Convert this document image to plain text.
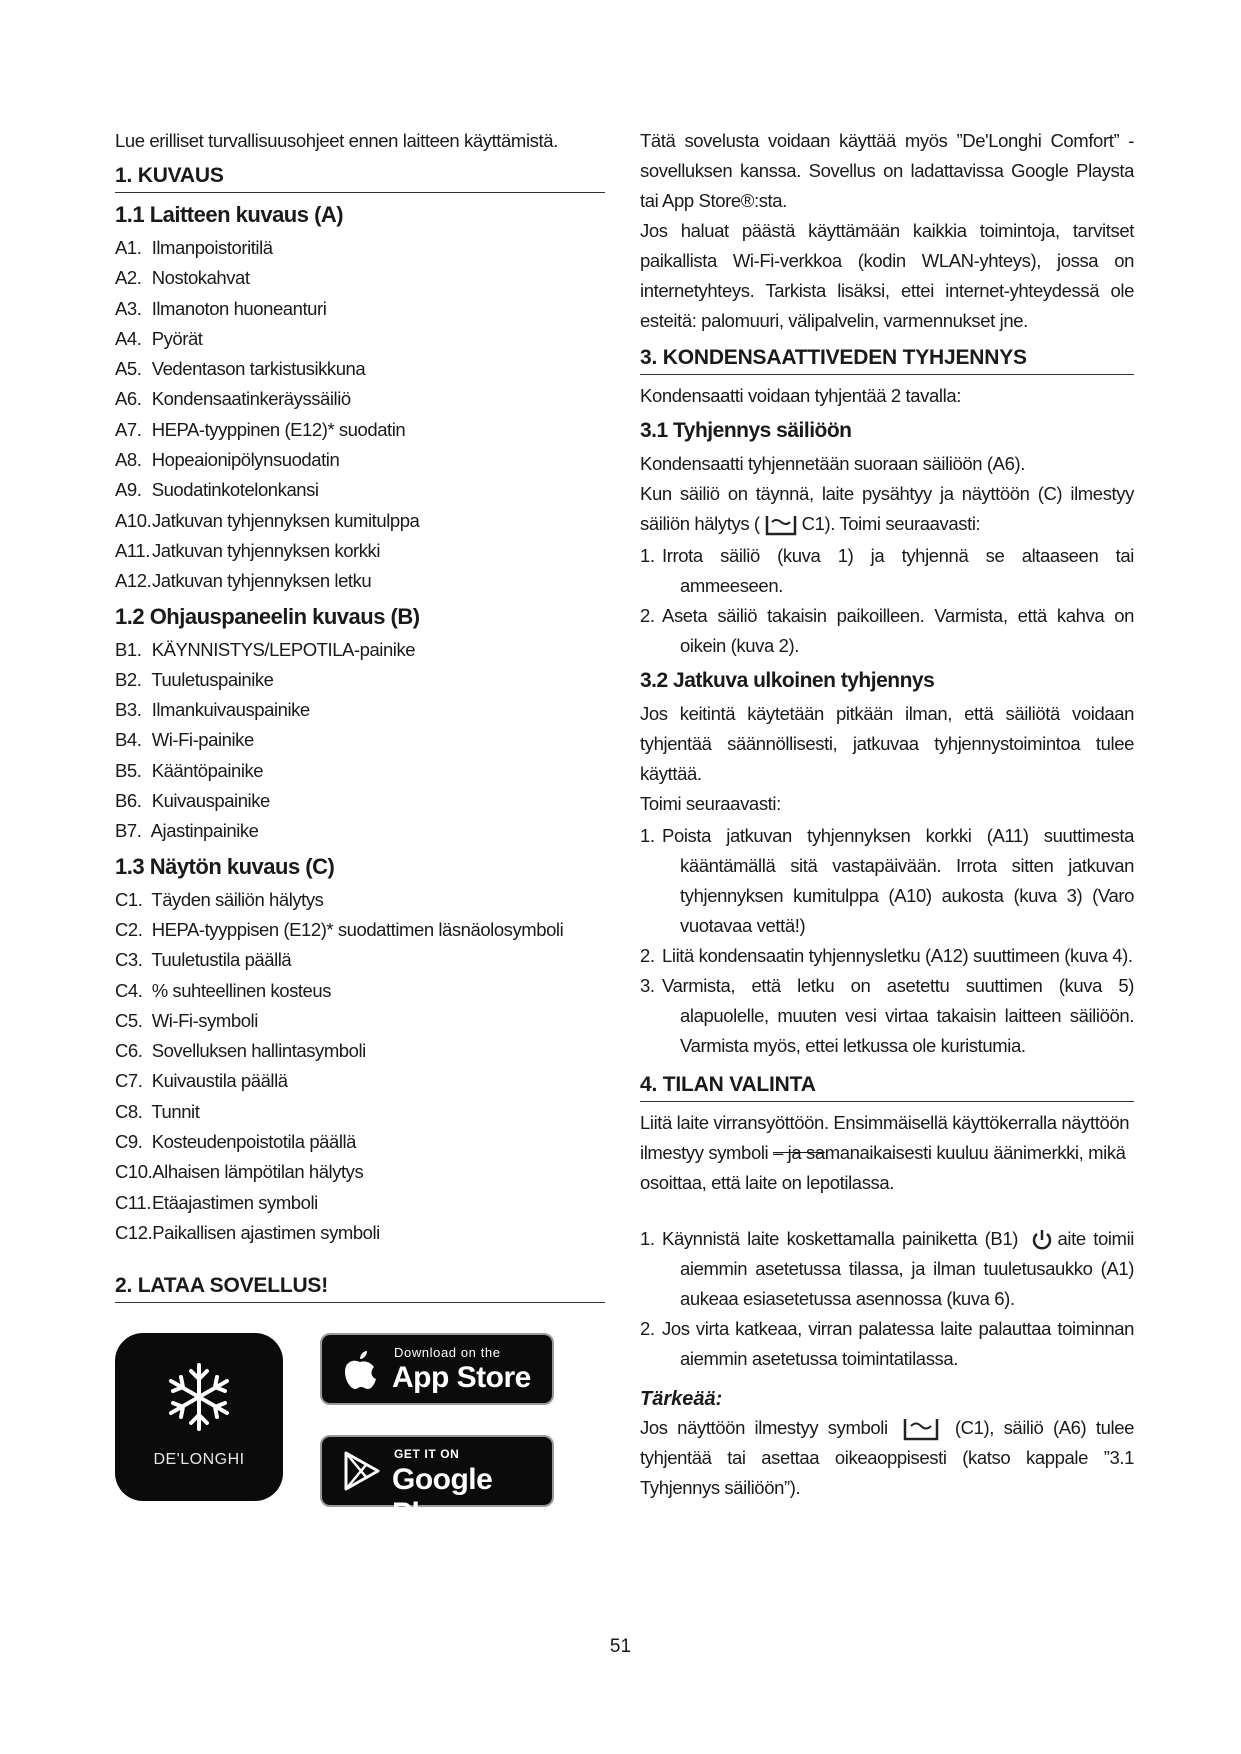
Lue erilliset turvallisuusohjeet ennen laitteen käyttämistä.

1. KUVAUS
1.1 Laitteen kuvaus (A)
A1. Ilmanpoistoritilä
A2. Nostokahvat
A3. Ilmanoton huoneanturi
A4. Pyörät
A5. Vedentason tarkistusikkuna
A6. Kondensaatinkeräyssäiliö
A7. HEPA-tyyppinen (E12)* suodatin
A8. Hopeaionipölynsuodatin
A9. Suodatinkotelonkansi
A10.Jatkuvan tyhjennyksen kumitulppa
A11. Jatkuvan tyhjennyksen korkki
A12.Jatkuvan tyhjennyksen letku
1.2 Ohjauspaneelin kuvaus (B)
B1. KÄYNNISTYS/LEPOTILA-painike
B2. Tuuletuspainike
B3. Ilmankuivauspainike
B4. Wi-Fi-painike
B5. Kääntöpainike
B6. Kuivauspainike
B7. Ajastinpainike
1.3 Näytön kuvaus (C)
C1. Täyden säiliön hälytys
C2. HEPA-tyyppisen (E12)* suodattimen läsnäolosymboli
C3. Tuuletustila päällä
C4. % suhteellinen kosteus
C5. Wi-Fi-symboli
C6. Sovelluksen hallintasymboli
C7. Kuivaustila päällä
C8. Tunnit
C9. Kosteudenpoistotila päällä
C10.Alhaisen lämpötilan hälytys
C11.Etäajastimen symboli
C12.Paikallisen ajastimen symboli
2. LATAA SOVELLUS!
DE'LONGHI
Download on the
App Store
GET IT ON
Google Play

Tätä sovelusta voidaan käyttää myös ”De'Longhi Comfort” -sovelluksen kanssa. Sovellus on ladattavissa Google Playsta tai App Store®:sta.

Jos haluat päästä käyttämään kaikkia toimintoja, tarvitset paikallista Wi-Fi-verkkoa (kodin WLAN-yhteys), jossa on internetyhteys. Tarkista lisäksi, ettei internet-yhteydessä ole esteitä: palomuuri, välipalvelin, varmennukset jne.

3. KONDENSAATTIVEDEN TYHJENNYS

Kondensaatti voidaan tyhjentää 2 tavalla:

3.1 Tyhjennys säiliöön

Kondensaatti tyhjennetään suoraan säiliöön (A6).

Kun säiliö on täynnä, laite pysähtyy ja näyttöön (C) ilmestyy säiliön hälytys ( C1). Toimi seuraavasti:

1. Irrota säiliö (kuva 1) ja tyhjennä se altaaseen tai ammeeseen.
2. Aseta säiliö takaisin paikoilleen. Varmista, että kahva on oikein (kuva 2).
3.2 Jatkuva ulkoinen tyhjennys

Jos keitintä käytetään pitkään ilman, että säiliötä voidaan tyhjentää säännöllisesti, jatkuvaa tyhjennystoimintoa tulee käyttää.

Toimi seuraavasti:

1. Poista jatkuvan tyhjennyksen korkki (A11) suuttimesta kääntämällä sitä vastapäivään. Irrota sitten jatkuvan tyhjennyksen kumitulppa (A10) aukosta (kuva 3) (Varo vuotavaa vettä!)
2. Liitä kondensaatin tyhjennysletku (A12) suuttimeen (kuva 4).
3. Varmista, että letku on asetettu suuttimen (kuva 5) alapuolelle, muuten vesi virtaa takaisin laitteen säiliöön. Varmista myös, ettei letkussa ole kuristumia.
4. TILAN VALINTA

Liitä laite virransyöttöön. Ensimmäisellä käyttökerralla näyttöön ilmestyy symboli – ja samanaikaisesti kuuluu äänimerkki, mikä osoittaa, että laite on lepotilassa.

1. Käynnistä laite koskettamalla painiketta (B1) aite toimii aiemmin asetetussa tilassa, ja ilman tuuletusaukko (A1) aukeaa esiasetetussa asennossa (kuva 6).
2. Jos virta katkeaa, virran palatessa laite palauttaa toiminnan aiemmin asetetussa toimintatilassa.
Tärkeää:

Jos näyttöön ilmestyy symboli	(C1), säiliö (A6) tulee tyhjentää tai asettaa oikeaoppisesti (katso kappale ”3.1 Tyhjennys säiliöön”).

51
